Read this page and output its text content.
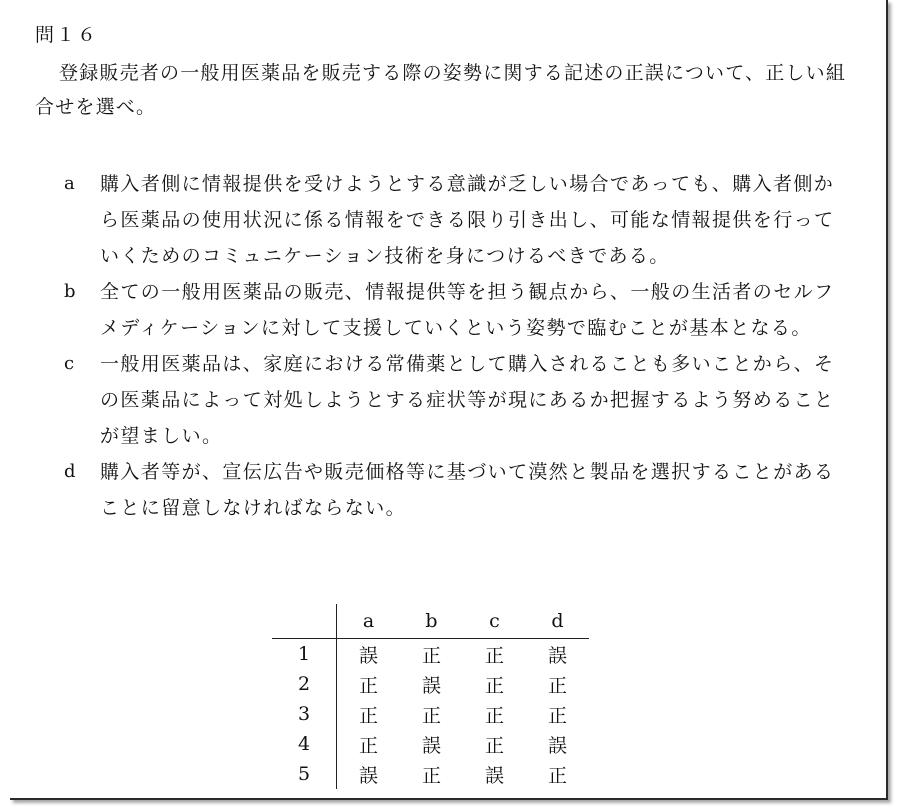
問１６
登録販売者の一般用医薬品を販売する際の姿勢に関する記述の正誤について、正しい組合せを選べ。
a	購入者側に情報提供を受けようとする意識が乏しい場合であっても、購入者側から医薬品の使用状況に係る情報をできる限り引き出し、可能な情報提供を行っていくためのコミュニケーション技術を身につけるべきである。
b	全ての一般用医薬品の販売、情報提供等を担う観点から、一般の生活者のセルフメディケーションに対して支援していくという姿勢で臨むことが基本となる。
c	一般用医薬品は、家庭における常備薬として購入されることも多いことから、その医薬品によって対処しようとする症状等が現にあるか把握するよう努めることが望ましい。
d	購入者等が、宣伝広告や販売価格等に基づいて漠然と製品を選択することがあることに留意しなければならない。
	a	b	c	d
1	誤	正	正	誤
2	正	誤	正	正
3	正	正	正	正
4	正	誤	正	誤
5	誤	正	誤	正
